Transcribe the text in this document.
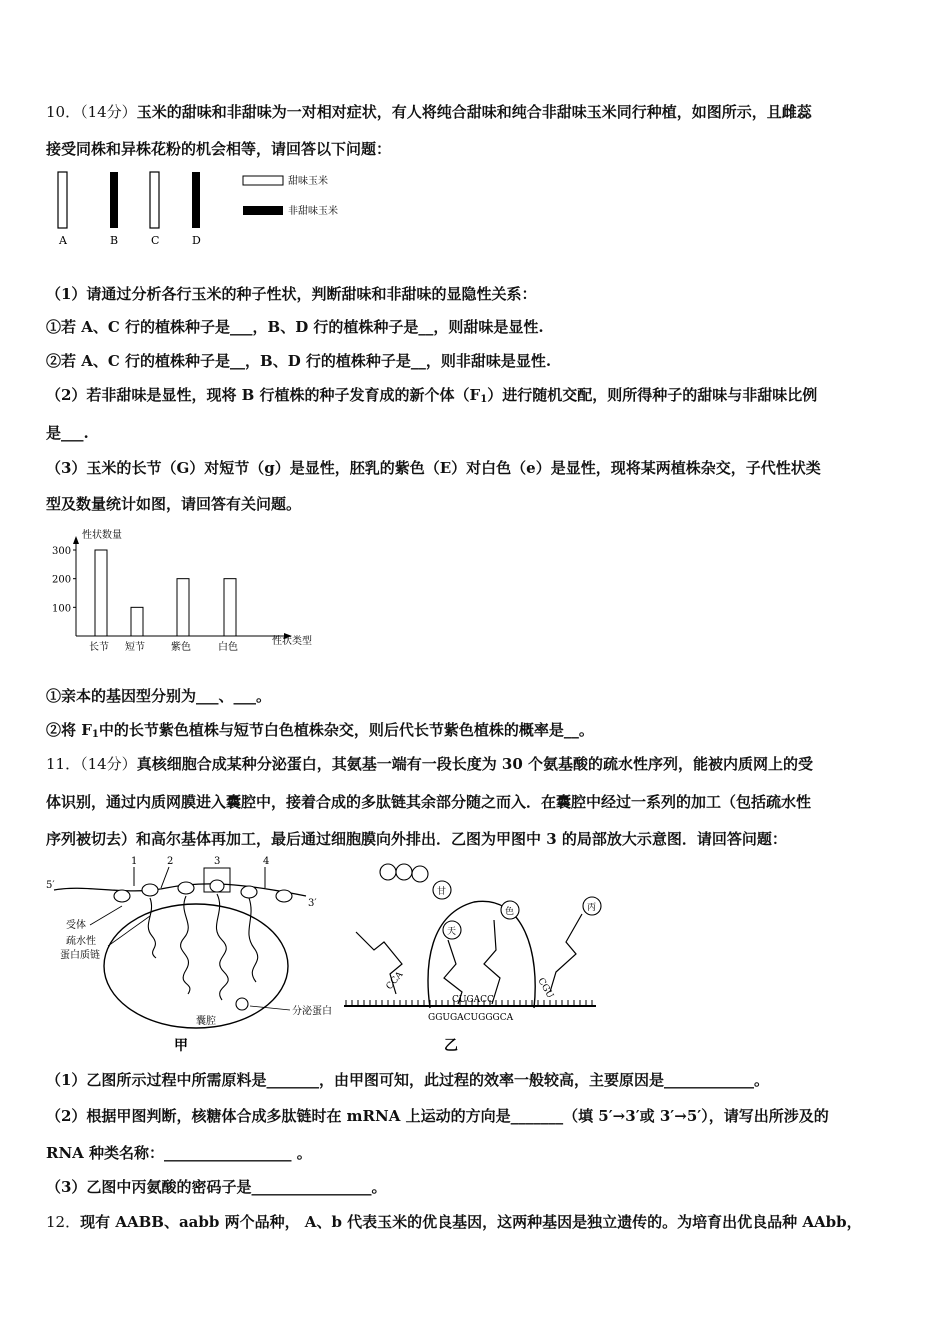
10．（14分）玉米的甜味和非甜味为一对相对症状，有人将纯合甜味和纯合非甜味玉米同行种植，如图所示，且雌蕊
接受同株和异株花粉的机会相等，请回答以下问题：
A	B	C	D
甜味玉米
非甜味玉米
（1）请通过分析各行玉米的种子性状，判断甜味和非甜味的显隐性关系：
①若 A、C 行的植株种子是___，B、D 行的植株种子是__，则甜味是显性.
②若 A、C 行的植株种子是__，B、D 行的植株种子是__，则非甜味是显性.
（2）若非甜味是显性，现将 B 行植株的种子发育成的新个体$(F_1)$进行随机交配，则所得种子的甜味与非甜味比例
是___.
（3）玉米的长节（G）对短节（g）是显性，胚乳的紫色（E）对白色（e）是显性，现将某两植株杂交，子代性状类
型及数量统计如图，请回答有关问题。
性状数量
性状类型
100
200
300
长节 短节	紫色	白色
①亲本的基因型分别为___、___。
②将 $F_1$中的长节紫色植株与短节白色植株杂交，则后代长节紫色植株的概率是__。
11．（14分）真核细胞合成某种分泌蛋白，其氨基一端有一段长度为 30 个氨基酸的疏水性序列，能被内质网上的受
体识别，通过内质网膜进入囊腔中，接着合成的多肽链其余部分随之而入．在囊腔中经过一系列的加工（包括疏水性
序列被切去）和高尔基体再加工，最后通过细胞膜向外排出．乙图为甲图中 3 的局部放大示意图．请回答问题：
5′
3′
1	2	3	4
受体
疏水性
蛋白质链
囊腔
分泌蛋白
甲
甘
天
色	丙
CCA
CUGACC	CGU
GGUGACUGGGCA
乙
（1）乙图所示过程中所需原料是_______，由甲图可知，此过程的效率一般较高，主要原因是____________。
（2）根据甲图判断，核糖体合成多肽链时在 mRNA 上运动的方向是_______（填 5′→3′或 3′→5′），请写出所涉及的
RNA 种类名称：_________________ 。
（3）乙图中丙氨酸的密码子是________________。
12．现有 AABB、aabb 两个品种， A、b 代表玉米的优良基因，这两种基因是独立遗传的。为培育出优良品种 AAbb，
